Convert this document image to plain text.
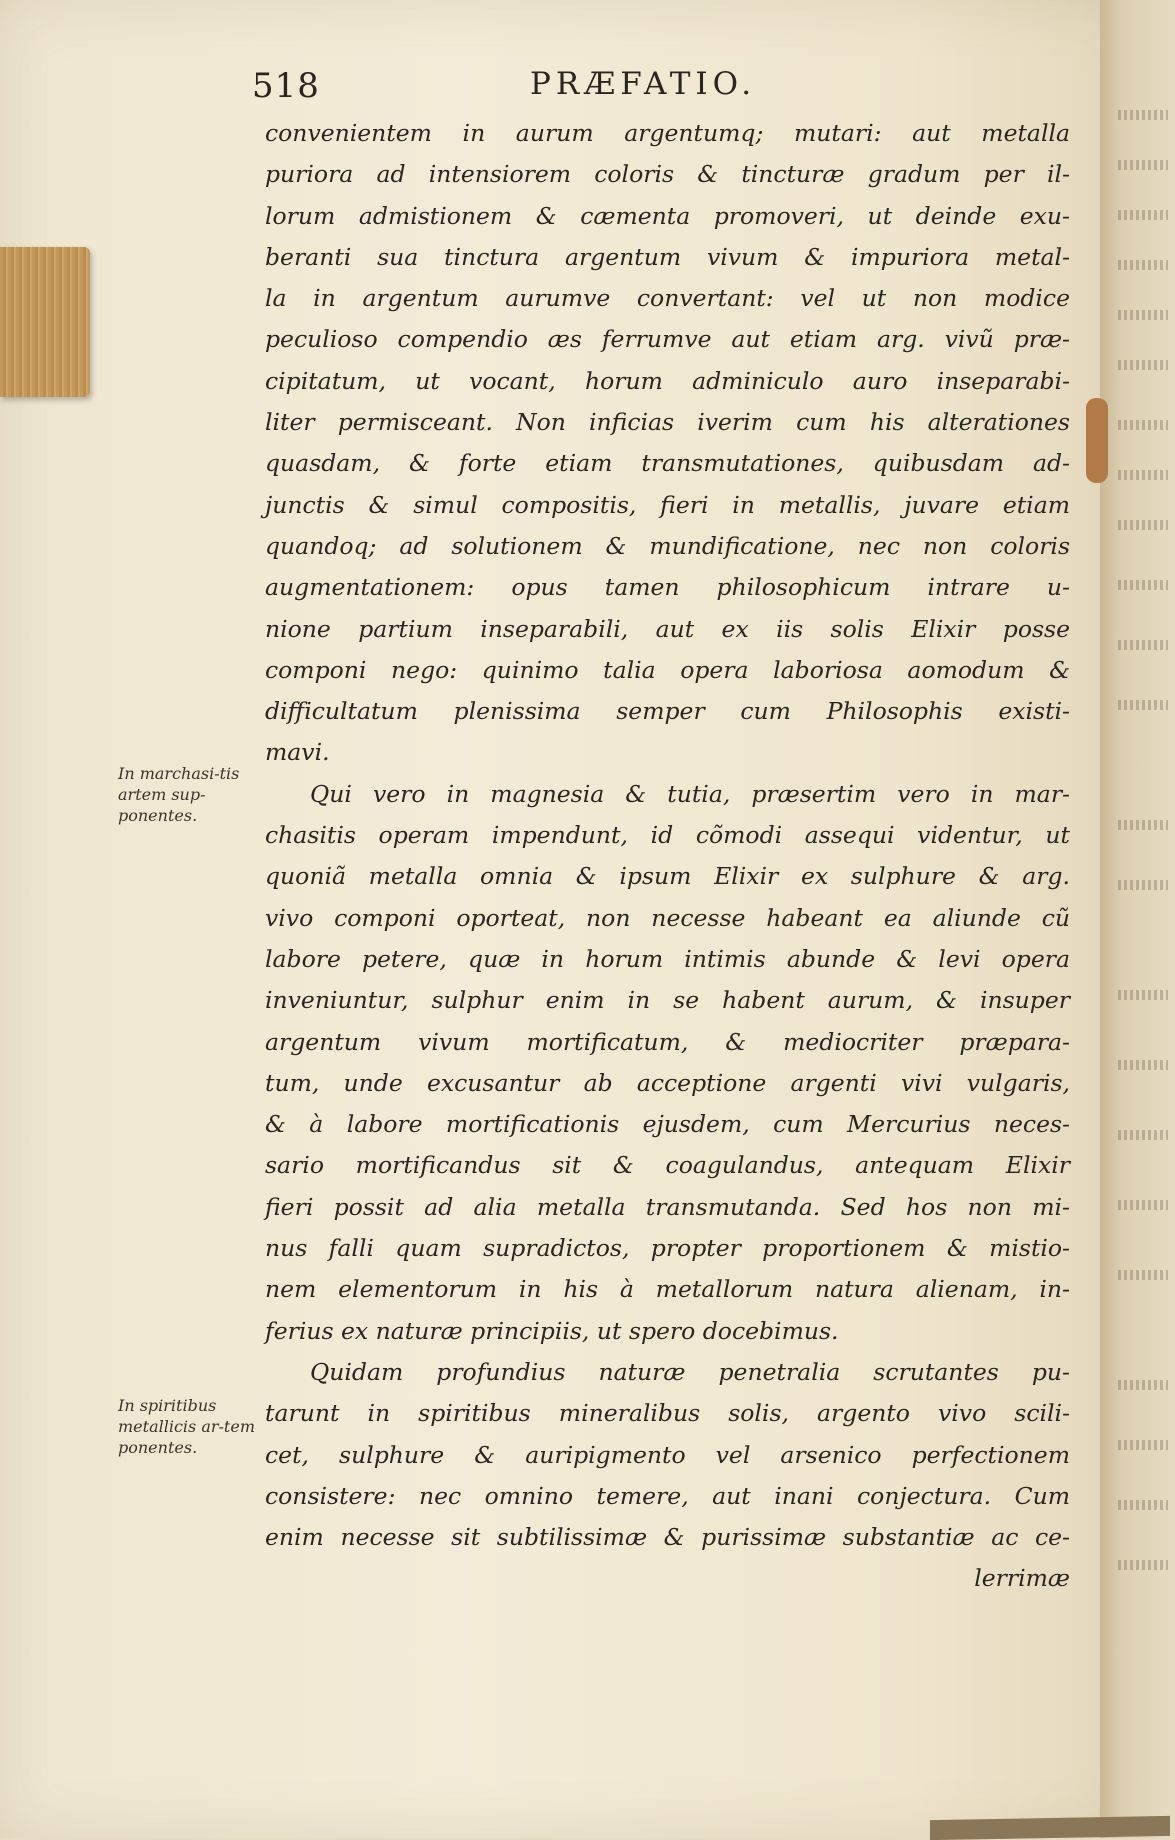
518	PRÆFATIO.
In marchasi-tis artem sup-ponentes.
In spiritibus metallicis ar-tem ponentes.
convenientem in aurum argentumq; mutari: aut metalla
puriora ad intensiorem coloris & tincturæ gradum per il-
lorum admistionem & cæmenta promoveri, ut deinde exu-
beranti sua tinctura argentum vivum & impuriora metal-
la in argentum aurumve convertant: vel ut non modice
peculioso compendio æs ferrumve aut etiam arg. vivũ præ-
cipitatum, ut vocant, horum adminiculo auro inseparabi-
liter permisceant. Non inficias iverim cum his alterationes
quasdam, & forte etiam transmutationes, quibusdam ad-
junctis & simul compositis, fieri in metallis, juvare etiam
quandoq; ad solutionem & mundificatione, nec non coloris
augmentationem: opus tamen philosophicum intrare u-
nione partium inseparabili, aut ex iis solis Elixir posse
componi nego: quinimo talia opera laboriosa aomodum &
difficultatum plenissima semper cum Philosophis existi-
mavi.
Qui vero in magnesia & tutia, præsertim vero in mar-
chasitis operam impendunt, id cõmodi assequi videntur, ut
quoniã metalla omnia & ipsum Elixir ex sulphure & arg.
vivo componi oporteat, non necesse habeant ea aliunde cũ
labore petere, quæ in horum intimis abunde & levi opera
inveniuntur, sulphur enim in se habent aurum, & insuper
argentum vivum mortificatum, & mediocriter præpara-
tum, unde excusantur ab acceptione argenti vivi vulgaris,
& à labore mortificationis ejusdem, cum Mercurius neces-
sario mortificandus sit & coagulandus, antequam Elixir
fieri possit ad alia metalla transmutanda. Sed hos non mi-
nus falli quam supradictos, propter proportionem & mistio-
nem elementorum in his à metallorum natura alienam, in-
ferius ex naturæ principiis, ut spero docebimus.
Quidam profundius naturæ penetralia scrutantes pu-
tarunt in spiritibus mineralibus solis, argento vivo scili-
cet, sulphure & auripigmento vel arsenico perfectionem
consistere: nec omnino temere, aut inani conjectura. Cum
enim necesse sit subtilissimæ & purissimæ substantiæ ac ce-
lerrimæ
